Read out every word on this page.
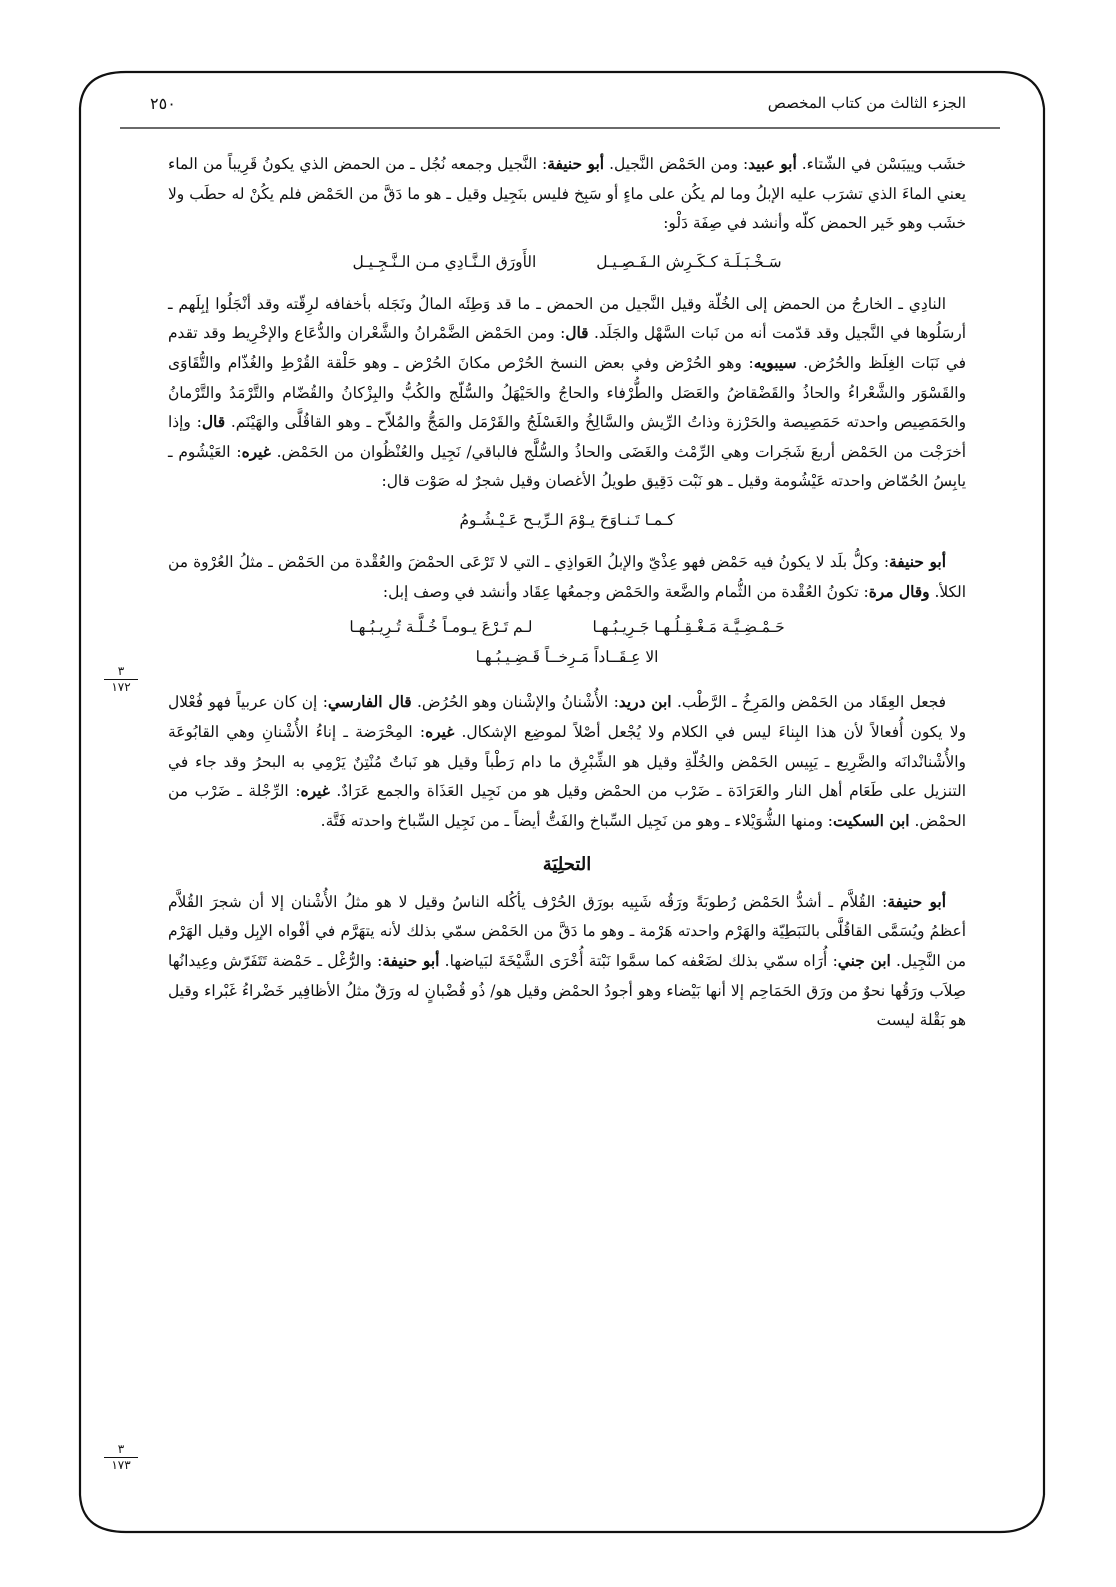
الجزء الثالث من كتاب المخصص
٢٥٠
٣
١٧٢
٣
١٧٣

خشَب وييبَسْن في الشّتاء. أبو عبيد: ومن الحَمْض النَّجيل. أبو حنيفة: النَّجيل وجمعه نُجُل ـ من الحمض الذي يكونُ قَرِيباً من الماء يعني الماءَ الذي تشرَب عليه الإبلُ وما لم يكُن على ماءٍ أو سَبِخ فليس بنَجِيل وقيل ـ هو ما دَقَّ من الحَمْض فلم يكُنْ له حطَب ولا خشَب وهو خَير الحمض كلّه وأنشد في صِفَة دَلْو:

سَـخْـبَـلَـة كـكَـرِش الـفَـصِـيـل
الأَورَق الـنَّـادِي مـن الـنَّـجِـيـل

النادِي ـ الخارجُ من الحمض إلى الخُلّة وقيل النَّجيل من الحمض ـ ما قد وَطِئَه المالُ ونَجَله بأخفافه لرِقّته وقد أنْجَلُوا إبِلَهم ـ أرسَلُوها في النَّجيل وقد قدّمت أنه من نَبات السَّهْل والجَلَد. قال: ومن الحَمْض الضَّمْرانُ والشَّعْران والدُّعَاع والإخْرِيط وقد تقدم في نَبَات الغِلَظ والحُرُض. سيبويه: وهو الحُرْض وفي بعض النسخ الحُرْص مكانَ الحُرْض ـ وهو حَلْقة القُرْطِ والغُذّام والتُّقَاوَى والقَسْوَر والشَّعْراءُ والحاذُ والقَضْقاضُ والعَصَل والطُّرْفاء والحاجُ والحَيْهَلُ والسُّلّج والكُبُّ والبِزْكانُ والقُضّام والتَّرْمَدُ والتَّرْمانُ والحَمَصِيص واحدته حَمَصِيصة والحَرْزة وذاتُ الرِّيش والسَّالِخُ والغَسْلَجُ والقَرْمَل والمَجُّ والمُلاّح ـ وهو القاقُلَّى والهَيْنَم. قال: وإذا أخرَجْت من الحَمْض أربعَ شَجَرات وهي الرِّمْث والغَضَى والحاذُ والسُّلَّج فالباقي/ نَجِيل والعُنْظُوان من الحَمْض. غيره: العَيْشُوم ـ يابِسُ الحُمّاض واحدته عَيْشُومة وقيل ـ هو نَبْت دَقِيق طويلُ الأغصان وقيل شجرٌ له صَوْت قال:

كـمـا تَـنـاوَحَ يـوْمَ الـرِّيـح عَـيْـشُـومُ

أبو حنيفة: وكلُّ بلَد لا يكونُ فيه حَمْض فهو عِذْيّ والإبلُ العَواذِي ـ التي لا تَرْعَى الحمْضَ والعُقْدة من الحَمْض ـ مثلُ العُرْوة من الكلأ. وقال مرة: تكونُ العُقْدة من الثُّمام والضَّعة والحَمْض وجمعُها عِقَاد وأنشد في وصف إبل:

حَـمْـضِـيَّـة مَـغْـقِـلُـهـا جَـرِيـبُـهـا
لـم تَـرْعَ يـومـاً خُـلَّـة تُـرِيـبُـهـا
الا عِـقَــاداً مَـرِخــاً قَـضِـيـبُـهـا

فجعل العِقَاد من الحَمْض والمَرِخُ ـ الرَّطْب. ابن دريد: الأُشْنانُ والإشْنان وهو الحُرُض. قال الفارسي: إن كان عربياً فهو فُعْلال ولا يكون أُفعالاً لأن هذا البِناءَ ليس في الكلام ولا يُجْعل أصْلاً لموضِع الإشكال. غيره: المِحْرَضة ـ إناءُ الأُشْنانِ وهي القابُوعَة والأُشْنانْدانَه والضَّرِيع ـ يَبِيس الحَمْض والخُلّةِ وقيل هو الشِّبْرِق ما دام رَطْباً وقيل هو نَباتٌ مُنْتِنٌ يَرْمِي به البحرُ وقد جاء في التنزيل على طَعَام أهل النار والعَرَادَة ـ ضَرْب من الحمْض وقيل هو من نَجِيل العَذَاة والجمع عَرَادٌ. غيره: الرِّجْلة ـ ضَرْب من الحمْض. ابن السكيت: ومنها الشُّوَيْلاء ـ وهو من نَجِيل السِّباخ والفَتُّ أيضاً ـ من نَجِيل السِّباخ واحدته فَتَّة.

التحلِيَة

أبو حنيفة: القُلاَّم ـ أشدُّ الحَمْض رُطوبَةً ورَقُه شَبِيه بورَق الحُرْف يأكُله الناسُ وقيل لا هو مثلُ الأُشْنان إلا أن شجرَ القُلاَّم أعظمُ ويُسَمَّى القاقُلَّى بالنَبَطِيّة والهَرْم واحدته هَرْمة ـ وهو ما دَقَّ من الحَمْض سمّي بذلك لأنه يتهَرَّم في أفْواه الإبِل وقيل الهَرْم من النَّجِيل. ابن جني: أُرَاه سمّي بذلك لضَعْفه كما سمَّوا نَبْتة أُخْرَى الشَّيْخَةَ لبَياضها. أبو حنيفة: والرُّغْل ـ حَمْضة تَتَفَرّش وعِيدانُها صِلاَب ورَقُها نحوٌ من ورَق الحَمَاحِم إلا أنها بَيْضاء وهو أجودُ الحمْض وقيل هو/ ذُو قُضْبانٍ له ورَقٌ مثلُ الأظافِير خَضْراءُ غَبْراء وقيل هو بَقْلة ليست
